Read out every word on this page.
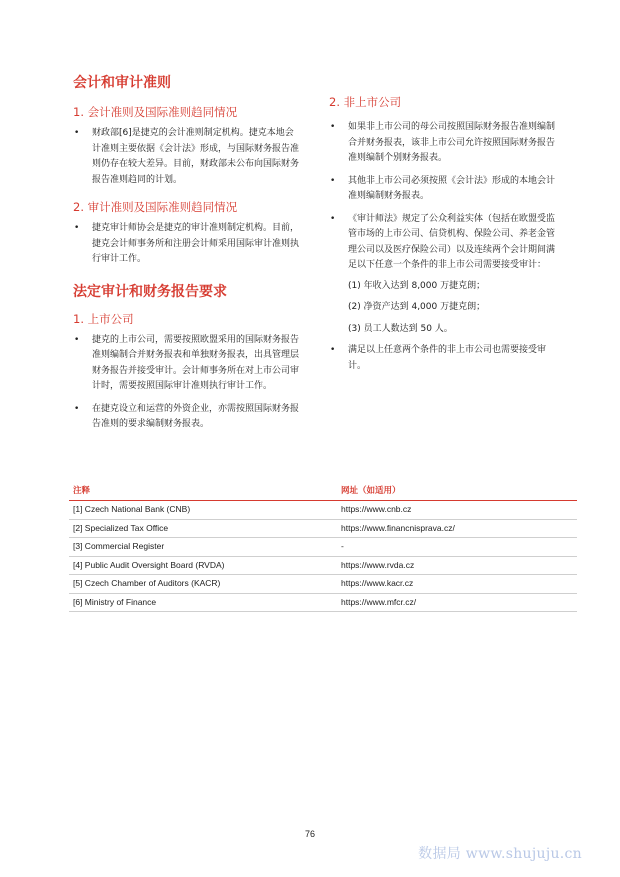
会计和审计准则
1. 会计准则及国际准则趋同情况
• 财政部[6]是捷克的会计准则制定机构。捷克本地会计准则主要依据《会计法》形成，与国际财务报告准则仍存在较大差异。目前，财政部未公布向国际财务报告准则趋同的计划。
2. 审计准则及国际准则趋同情况
• 捷克审计师协会是捷克的审计准则制定机构。目前，捷克会计师事务所和注册会计师采用国际审计准则执行审计工作。
法定审计和财务报告要求
1. 上市公司
• 捷克的上市公司，需要按照欧盟采用的国际财务报告准则编制合并财务报表和单独财务报表，出具管理层财务报告并接受审计。会计师事务所在对上市公司审计时，需要按照国际审计准则执行审计工作。
• 在捷克设立和运营的外资企业，亦需按照国际财务报告准则的要求编制财务报表。
2. 非上市公司
• 如果非上市公司的母公司按照国际财务报告准则编制合并财务报表，该非上市公司允许按照国际财务报告准则编制个别财务报表。
• 其他非上市公司必须按照《会计法》形成的本地会计准则编制财务报表。
• 《审计师法》规定了公众利益实体（包括在欧盟受监管市场的上市公司、信贷机构、保险公司、养老金管理公司以及医疗保险公司）以及连续两个会计期间满足以下任意一个条件的非上市公司需要接受审计：
(1) 年收入达到 8,000 万捷克朗；
(2) 净资产达到 4,000 万捷克朗；
(3) 员工人数达到 50 人。
• 满足以上任意两个条件的非上市公司也需要接受审计。
注释	网址（如适用）
[1] Czech National Bank (CNB)	https://www.cnb.cz
[2] Specialized Tax Office	https://www.financnisprava.cz/
[3] Commercial Register	-
[4] Public Audit Oversight Board (RVDA)	https://www.rvda.cz
[5] Czech Chamber of Auditors (KACR)	https://www.kacr.cz
[6] Ministry of Finance	https://www.mfcr.cz/
76
数据局 www.shujuju.cn
